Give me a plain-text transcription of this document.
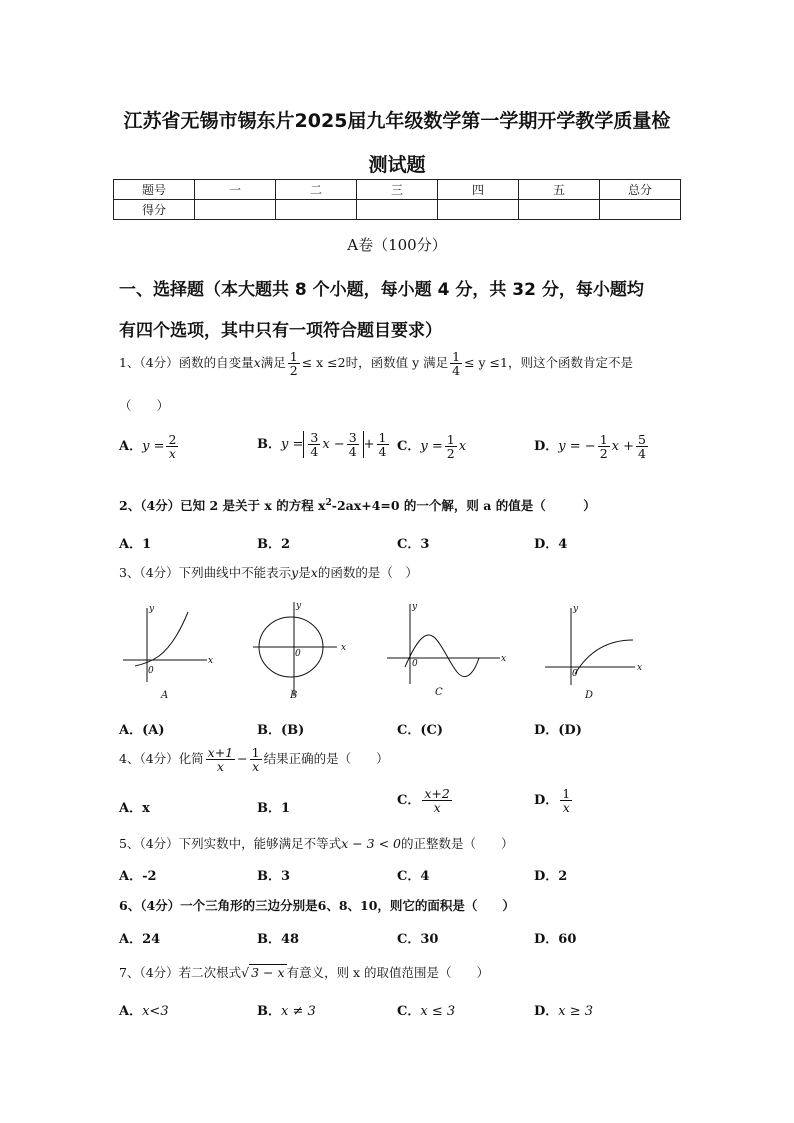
江苏省无锡市锡东片2025届九年级数学第一学期开学教学质量检
测试题
题号	一	二	三	四	五	总分
得分						
A卷（100分）
一、选择题（本大题共 8 个小题，每小题 4 分，共 32 分，每小题均
有四个选项，其中只有一项符合题目要求）
1、（4分）函数的自变量x满足 $\frac{1}{2} \le x \le 2$时，函数值 y 满足 $\frac{1}{4} \le y \le 1$，则这个函数肯定不是
（　　）
A．$y = \frac{2}{x}$	B．$y = \frac{3}{4}$ $x - \frac{3}{4} + \frac{1}{4}$ C．$y = \frac{1}{2}$ x	D．y = − $\frac{1}{2}$ $x + \frac{5}{4}$
2、（4分）已知 2 是关于 x 的方程 $x^2-2ax+4=0$ 的一个解，则 a 的值是（　　　）
A．1	B．2	C．3	D．4
3、（4分）下列曲线中不能表示y是x的函数的是（　）
x
y
0
A
x
y
0
B
x
y
0
C
x
y
0
D
A．(A)	B．(B)	C．(C)	D．(D)
4、（4分）化简 $\frac{x+1}{x} - \frac{1}{x}$ 结果正确的是（　　）
A．x	B．1
C． $\frac{x+2}{x}$	D． $\frac{1}{x}$
5、（4分）下列实数中，能够满足不等式x − 3 < 0的正整数是（　　）
A．-2	B．3	C．4	D．2
6、（4分）一个三角形的三边分别是6、8、10，则它的面积是（　　）
A．24	B．48	C．30	D．60
7、（4分）若二次根式√ 3 − x 有意义，则 x 的取值范围是（　　）
A．x<3	B．x ≠ 3	C．x ≤ 3	D．x ≥ 3
